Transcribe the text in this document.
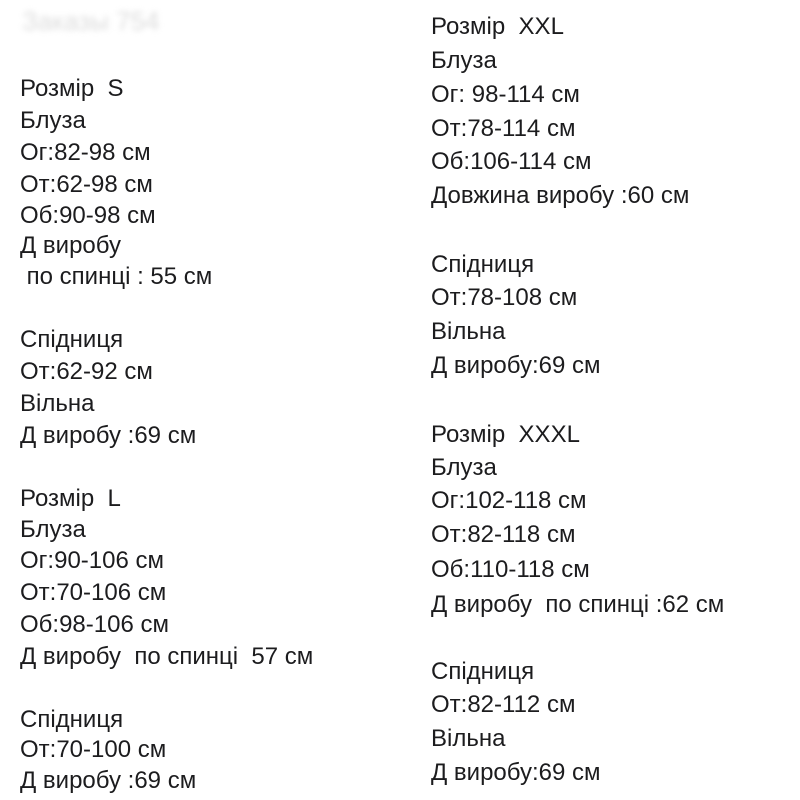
Заказы 754
Розмір  S
Блуза
Ог:82-98 см
От:62-98 см
Об:90-98 см
Д виробу
по спинці : 55 см
Спідниця
От:62-92 см
Вільна
Д виробу :69 см
Розмір  L
Блуза
Ог:90-106 см
От:70-106 см
Об:98-106 см
Д виробу  по спинці  57 см
Спідниця
От:70-100 см
Д виробу :69 см
Розмір  XXL
Блуза
Ог: 98-114 см
От:78-114 см
Об:106-114 см
Довжина виробу :60 см
Спідниця
От:78-108 см
Вільна
Д виробу:69 см
Розмір  XXXL
Блуза
Ог:102-118 см
От:82-118 см
Об:110-118 см
Д виробу  по спинці :62 см
Спідниця
От:82-112 см
Вільна
Д виробу:69 см
